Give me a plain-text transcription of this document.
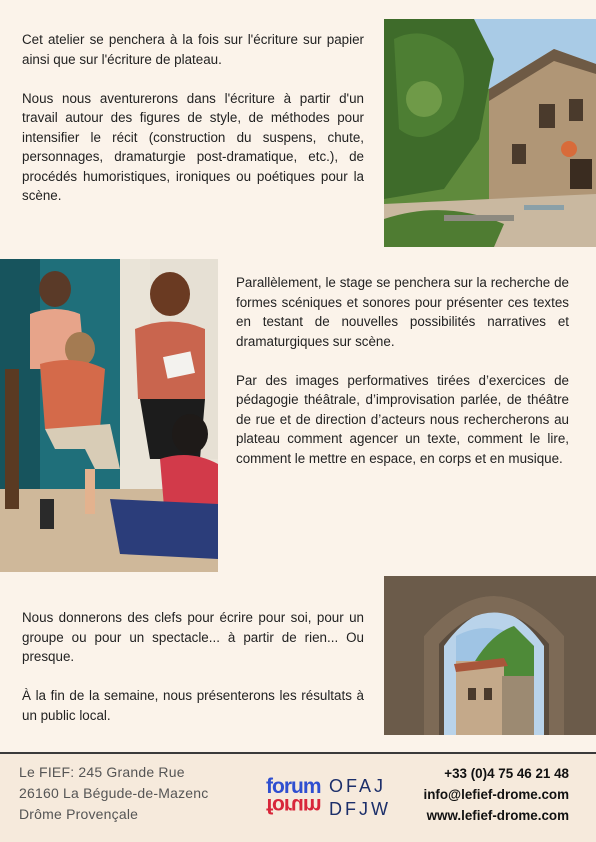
Cet atelier se penchera à la fois sur l'écriture sur papier ainsi que sur l'écriture de plateau.

Nous nous aventurerons dans l'écriture à partir d'un travail autour des figures de style, de méthodes pour intensifier le récit (construction du suspens, chute, personnages, dramaturgie post-dramatique, etc.), de procédés humoristiques, ironiques ou poétiques pour la scène.

Parallèlement, le stage se penchera sur la recherche de formes scéniques et sonores pour présenter ces textes en testant de nouvelles possibilités narratives et dramaturgiques sur scène.

Par des images performatives tirées d’exercices de pédagogie théâtrale, d’improvisation parlée, de théâtre de rue et de direction d’acteurs nous rechercherons au plateau comment agencer un texte, comment le lire, comment le mettre en espace, en corps et en musique.

Nous donnerons des clefs pour écrire pour soi, pour un groupe ou pour un spectacle... à partir de rien... Ou presque.

À la fin de la semaine, nous présenterons les résultats à un public local.

Le FIEF: 245 Grande Rue
26160 La Bégude-de-Mazenc
Drôme Provençale
forum
forum
OFAJ
DFJW
+33 (0)4 75 46 21 48
info@lefief-drome.com
www.lefief-drome.com
